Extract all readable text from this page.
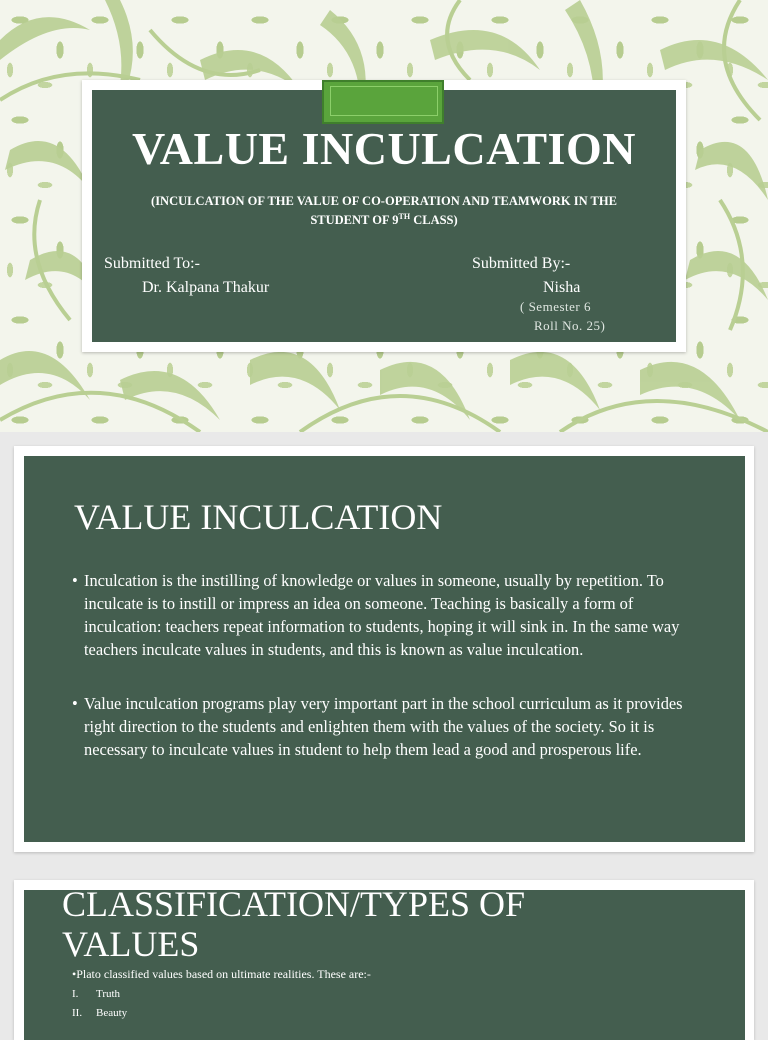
VALUE INCULCATION
(INCULCATION OF THE VALUE OF CO-OPERATION AND TEAMWORK IN THE
STUDENT OF 9TH CLASS)
Submitted To:-
Dr. Kalpana Thakur
Submitted By:-
Nisha
( Semester 6
Roll No. 25)
VALUE INCULCATION
• Inculcation is the instilling of knowledge or values in someone, usually by repetition. To inculcate is to instill or impress an idea on someone. Teaching is basically a form of inculcation: teachers repeat information to students, hoping it will sink in. In the same way teachers inculcate values in students, and this is known as value inculcation.
• Value inculcation programs play very important part in the school curriculum as it provides right direction to the students and enlighten them with the values of the society. So it is necessary to inculcate values in student to help them lead a good and prosperous life.
CLASSIFICATION/TYPES OF
VALUES
•Plato classified values based on ultimate realities. These are:-
I. Truth
II. Beauty
